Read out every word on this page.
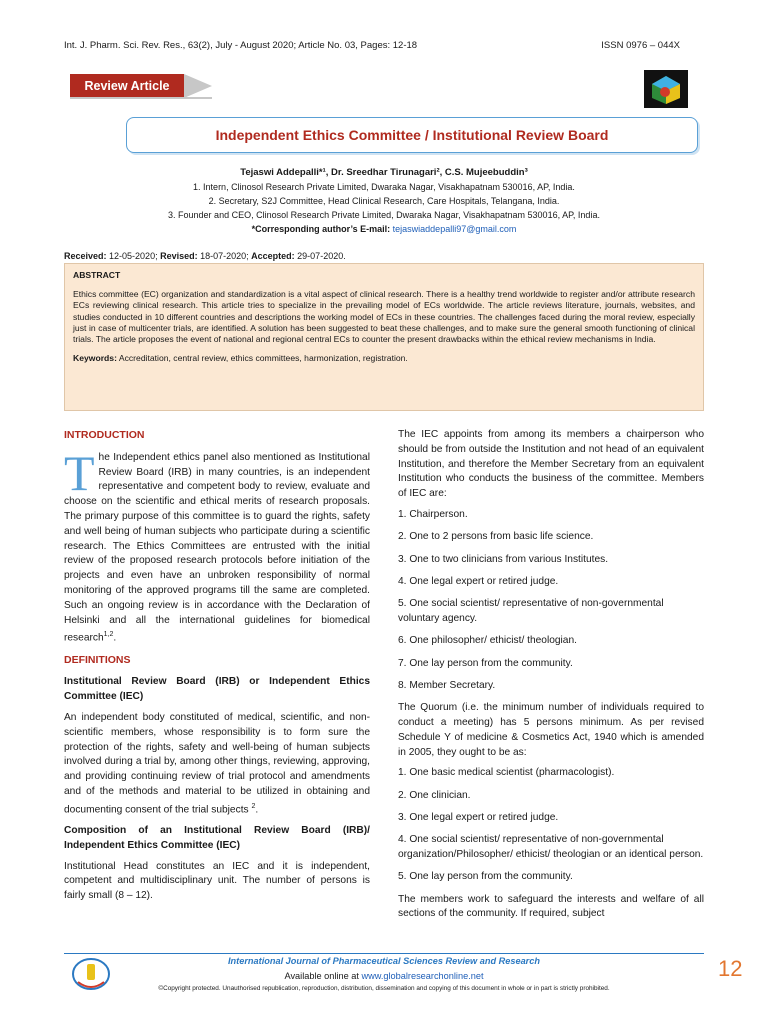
Int. J. Pharm. Sci. Rev. Res., 63(2), July - August 2020; Article No. 03, Pages: 12-18	ISSN 0976 – 044X
Review Article
Independent Ethics Committee / Institutional Review Board
Tejaswi Addepalli*¹, Dr. Sreedhar Tirunagari², C.S. Mujeebuddin³
1. Intern, Clinosol Research Private Limited, Dwaraka Nagar, Visakhapatnam 530016, AP, India.
2. Secretary, S2J Committee, Head Clinical Research, Care Hospitals, Telangana, India.
3. Founder and CEO, Clinosol Research Private Limited, Dwaraka Nagar, Visakhapatnam 530016, AP, India.
*Corresponding author’s E-mail: tejaswiaddepalli97@gmail.com
Received: 12-05-2020; Revised: 18-07-2020; Accepted: 29-07-2020.
ABSTRACT
Ethics committee (EC) organization and standardization is a vital aspect of clinical research. There is a healthy trend worldwide to register and/or attribute research ECs reviewing clinical research. This article tries to specialize in the prevailing model of ECs worldwide. The article reviews literature, journals, websites, and studies conducted in 10 different countries and descriptions the working model of ECs in these countries. The challenges faced during the moral review, especially just in case of multicenter trials, are identified. A solution has been suggested to beat these challenges, and to make sure the general smooth functioning of clinical trials. The article proposes the event of national and regional central ECs to counter the present drawbacks within the ethical review mechanisms in India.
Keywords: Accreditation, central review, ethics committees, harmonization, registration.
INTRODUCTION

The Independent ethics panel also mentioned as Institutional Review Board (IRB) in many countries, is an independent representative and competent body to review, evaluate and choose on the scientific and ethical merits of research proposals. The primary purpose of this committee is to guard the rights, safety and well being of human subjects who participate during a scientific research. The Ethics Committees are entrusted with the initial review of the proposed research protocols before initiation of the projects and even have an unbroken responsibility of normal monitoring of the approved programs till the same are completed. Such an ongoing review is in accordance with the Declaration of Helsinki and all the international guidelines for biomedical research$^{1,2}$.

DEFINITIONS
Institutional Review Board (IRB) or Independent Ethics Committee (IEC)

An independent body constituted of medical, scientific, and non-scientific members, whose responsibility is to form sure the protection of the rights, safety and well-being of human subjects involved during a trial by, among other things, reviewing, approving, and providing continuing review of trial protocol and amendments and of the methods and material to be utilized in obtaining and documenting consent of the trial subjects $^2$.

Composition of an Institutional Review Board (IRB)/ Independent Ethics Committee (IEC)

Institutional Head constitutes an IEC and it is independent, competent and multidisciplinary unit. The number of persons is fairly small (8 – 12).

The IEC appoints from among its members a chairperson who should be from outside the Institution and not head of an equivalent Institution, and therefore the Member Secretary from an equivalent Institution who conducts the business of the committee. Members of IEC are:

1. Chairperson.
2. One to 2 persons from basic life science.
3. One to two clinicians from various Institutes.
4. One legal expert or retired judge.
5. One social scientist/ representative of non-governmental voluntary agency.
6. One philosopher/ ethicist/ theologian.
7. One lay person from the community.
8. Member Secretary.

The Quorum (i.e. the minimum number of individuals required to conduct a meeting) has 5 persons minimum. As per revised Schedule Y of medicine & Cosmetics Act, 1940 which is amended in 2005, they ought to be as:

1. One basic medical scientist (pharmacologist).
2. One clinician.
3. One legal expert or retired judge.
4. One social scientist/ representative of non-governmental organization/Philosopher/ ethicist/ theologian or an identical person.
5. One lay person from the community.

The members work to safeguard the interests and welfare of all sections of the community. If required, subject

International Journal of Pharmaceutical Sciences Review and Research
Available online at www.globalresearchonline.net
©Copyright protected. Unauthorised republication, reproduction, distribution, dissemination and copying of this document in whole or in part is strictly prohibited.
12
